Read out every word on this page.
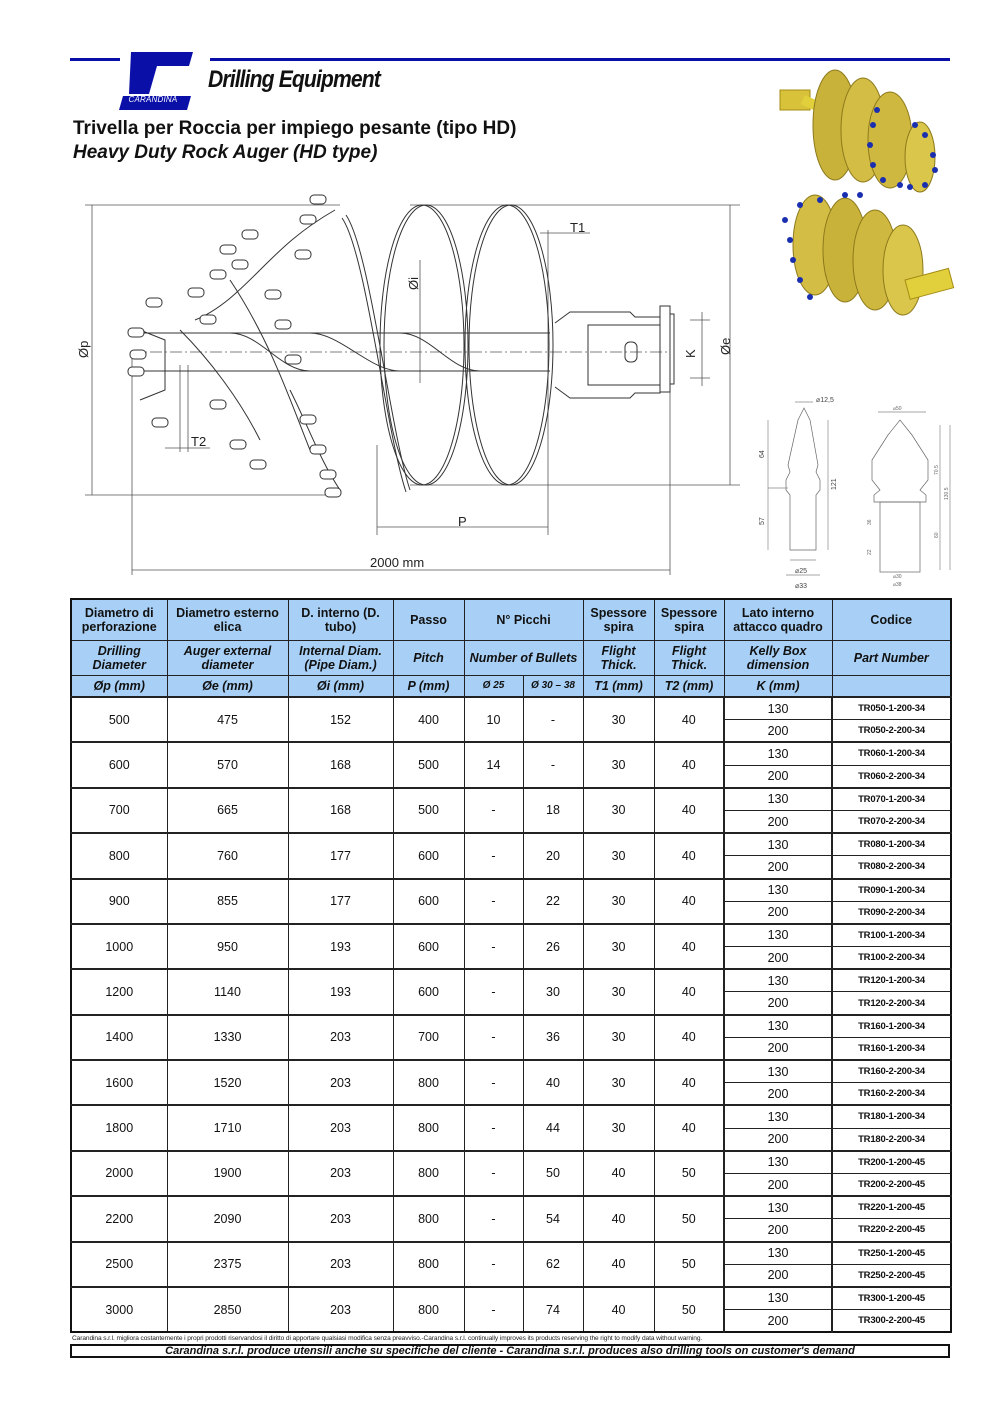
CARANDINA
Drilling Equipment
Trivella per Roccia per impiego pesante (tipo HD)
Heavy Duty Rock Auger (HD type)
Øp	Øe
Øi
P
T1
T2
K
2000 mm
⌀12,5
64
57
121
⌀25
⌀33
⌀50
70.5
130.5
36
60
22
⌀30
⌀38
Diametro di perforazione	Diametro esterno elica	D. interno (D. tubo)	Passo	N° Picchi		Spessore spira	Spessore spira	Lato interno attacco quadro	Codice
Drilling Diameter	Auger external diameter	Internal Diam. (Pipe Diam.)	Pitch	Number of Bullets		Flight Thick.	Flight Thick.	Kelly Box dimension	Part Number
Øp (mm)	Øe (mm)	Øi (mm)	P (mm)	Ø 25	Ø 30 – 38	T1 (mm)	T2 (mm)	K (mm)	
500	475	152	400	10	-	30	40	130	TR050-1-200-34
								200	TR050-2-200-34
600	570	168	500	14	-	30	40	130	TR060-1-200-34
								200	TR060-2-200-34
700	665	168	500	-	18	30	40	130	TR070-1-200-34
								200	TR070-2-200-34
800	760	177	600	-	20	30	40	130	TR080-1-200-34
								200	TR080-2-200-34
900	855	177	600	-	22	30	40	130	TR090-1-200-34
								200	TR090-2-200-34
1000	950	193	600	-	26	30	40	130	TR100-1-200-34
								200	TR100-2-200-34
1200	1140	193	600	-	30	30	40	130	TR120-1-200-34
								200	TR120-2-200-34
1400	1330	203	700	-	36	30	40	130	TR160-1-200-34
								200	TR160-1-200-34
1600	1520	203	800	-	40	30	40	130	TR160-2-200-34
								200	TR160-2-200-34
1800	1710	203	800	-	44	30	40	130	TR180-1-200-34
								200	TR180-2-200-34
2000	1900	203	800	-	50	40	50	130	TR200-1-200-45
								200	TR200-2-200-45
2200	2090	203	800	-	54	40	50	130	TR220-1-200-45
								200	TR220-2-200-45
2500	2375	203	800	-	62	40	50	130	TR250-1-200-45
								200	TR250-2-200-45
3000	2850	203	800	-	74	40	50	130	TR300-1-200-45
								200	TR300-2-200-45
Carandina s.r.l. migliora costantemente i propri prodotti riservandosi il diritto di apportare qualsiasi modifica senza preavviso.-Carandina s.r.l. continually improves its products reserving the right to modify data without warning.
Carandina s.r.l. produce utensili anche su specifiche del cliente - Carandina s.r.l. produces also drilling tools on customer's demand
